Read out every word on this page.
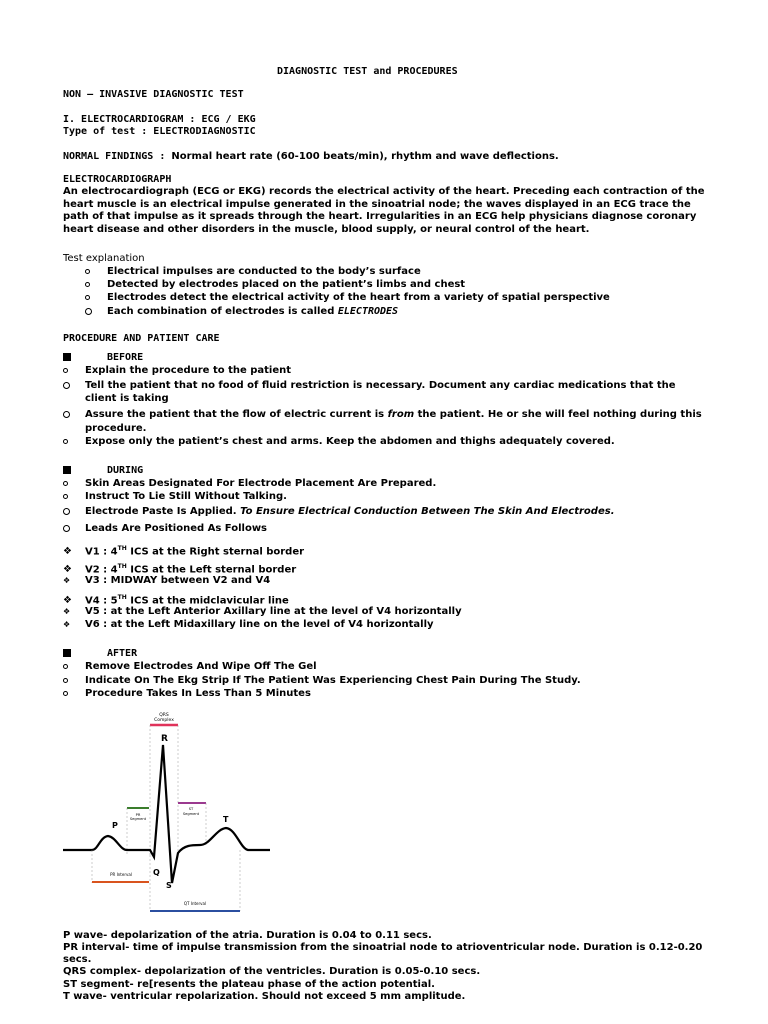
DIAGNOSTIC TEST and PROCEDURES
NON – INVASIVE DIAGNOSTIC TEST
I. ELECTROCARDIOGRAM : ECG / EKG
Type of test : ELECTRODIAGNOSTIC
NORMAL FINDINGS : Normal heart rate (60-100 beats/min), rhythm and wave deflections.
ELECTROCARDIOGRAPH
An electrocardiograph (ECG or EKG) records the electrical activity of the heart. Preceding each contraction of the heart muscle is an electrical impulse generated in the sinoatrial node; the waves displayed in an ECG trace the path of that impulse as it spreads through the heart. Irregularities in an ECG help physicians diagnose coronary heart disease and other disorders in the muscle, blood supply, or neural control of the heart.
Test explanation
Electrical impulses are conducted to the body’s surface
Detected by electrodes placed on the patient’s limbs and chest
Electrodes detect the electrical activity of the heart from a variety of spatial perspective
Each combination of electrodes is called ELECTRODES
PROCEDURE AND PATIENT CARE
BEFORE
Explain the procedure to the patient
Tell the patient that no food of fluid restriction is necessary. Document any cardiac medications that the
client is taking
Assure the patient that the flow of electric current is from the patient. He or she will feel nothing during this
procedure.
Expose only the patient’s chest and arms. Keep the abdomen and thighs adequately covered.
DURING
Skin Areas Designated For Electrode Placement Are Prepared.
Instruct To Lie Still Without Talking.
Electrode Paste Is Applied. To Ensure Electrical Conduction Between The Skin And Electrodes.
Leads Are Positioned As Follows
❖ V1 : 4TH ICS at the Right sternal border
❖ V2 : 4TH ICS at the Left sternal border
❖ V3 : MIDWAY between V2 and V4
❖ V4 : 5TH ICS at the midclavicular line
❖ V5 : at the Left Anterior Axillary line at the level of V4 horizontally
❖ V6 : at the Left Midaxillary line on the level of V4 horizontally
AFTER
Remove Electrodes And Wipe Off The Gel
Indicate On The Ekg Strip If The Patient Was Experiencing Chest Pain During The Study.
Procedure Takes In Less Than 5 Minutes
QRS
Complex
PR
Segment
ST
Segment
R
P
T
Q
S
PR Interval
QT Interval
P wave- depolarization of the atria. Duration is 0.04 to 0.11 secs.
PR interval- time of impulse transmission from the sinoatrial node to atrioventricular node. Duration is 0.12-0.20
secs.
QRS complex- depolarization of the ventricles. Duration is 0.05-0.10 secs.
ST segment- re[resents the plateau phase of the action potential.
T wave- ventricular repolarization. Should not exceed 5 mm amplitude.
